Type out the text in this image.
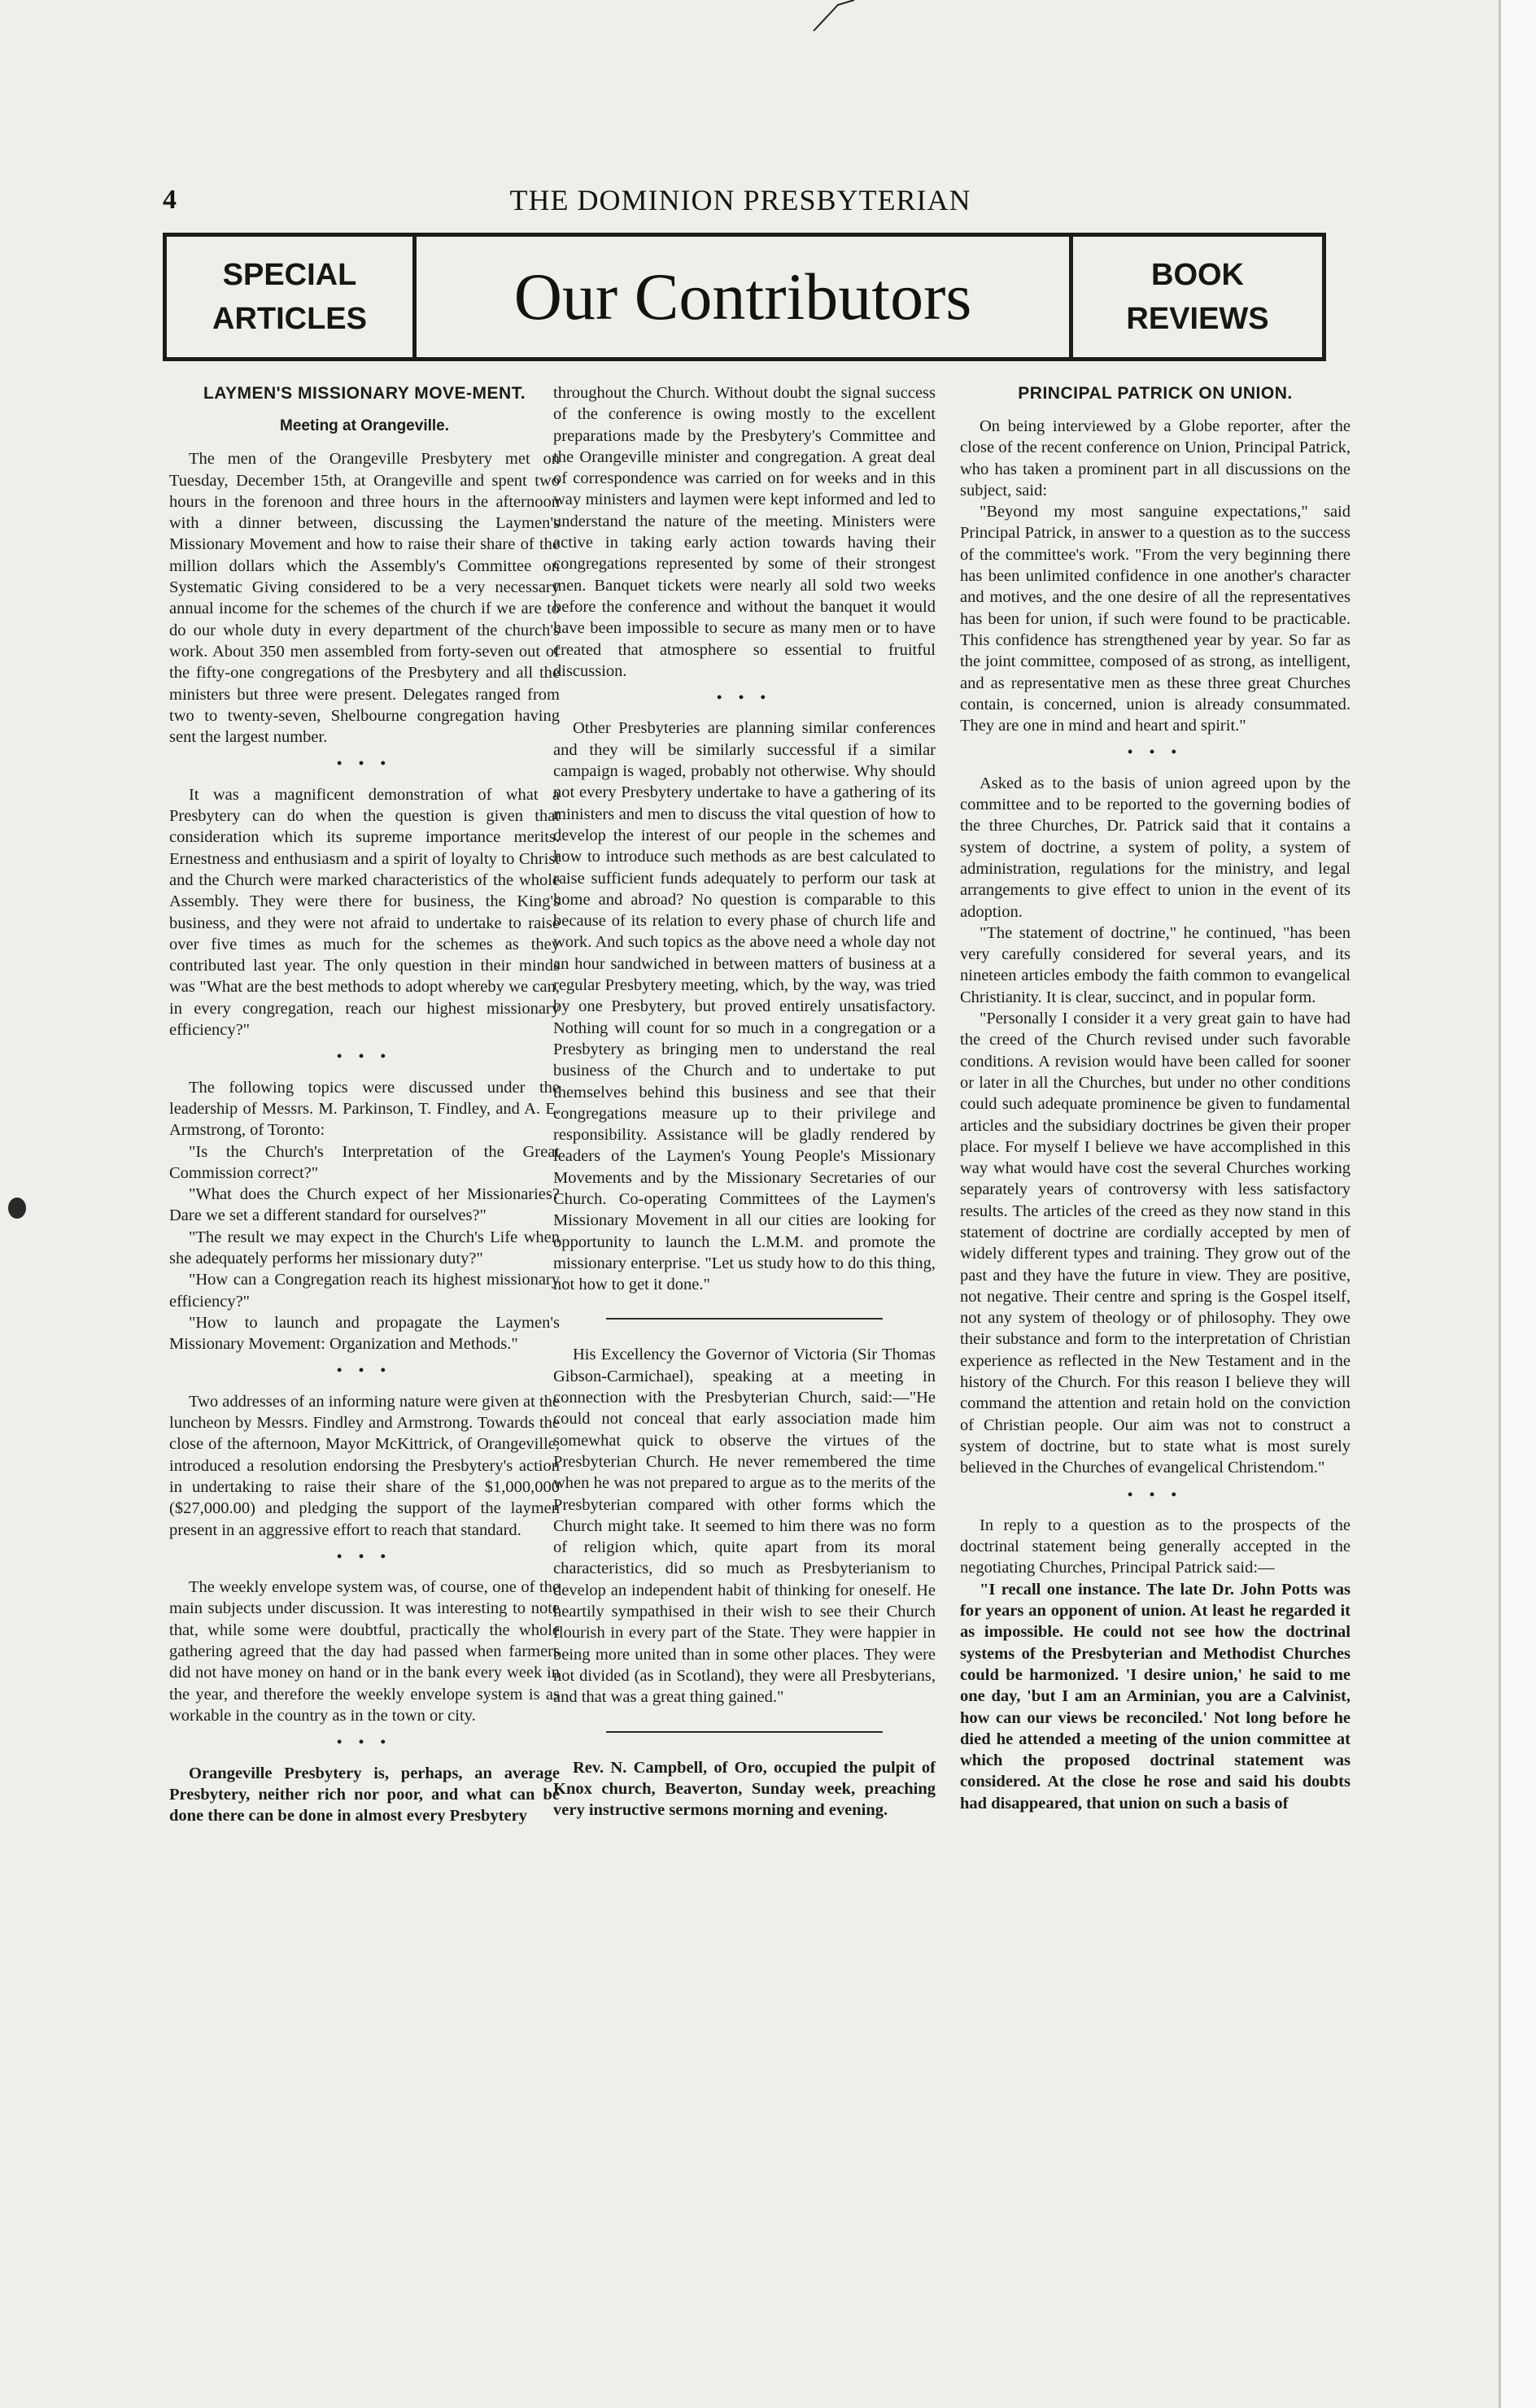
4	THE DOMINION PRESBYTERIAN
SPECIAL
ARTICLES	Our Contributors	BOOK
REVIEWS
LAYMEN'S MISSIONARY MOVE-MENT.
Meeting at Orangeville.

The men of the Orangeville Presbytery met on Tuesday, December 15th, at Orangeville and spent two hours in the forenoon and three hours in the afternoon with a dinner between, discussing the Laymen's Missionary Movement and how to raise their share of the million dollars which the Assembly's Committee on Systematic Giving considered to be a very necessary annual income for the schemes of the church if we are to do our whole duty in every department of the church's work. About 350 men assembled from forty-seven out of the fifty-one congregations of the Presbytery and all the ministers but three were present. Delegates ranged from two to twenty-seven, Shelbourne congregation having sent the largest number.

• • •

It was a magnificent demonstration of what a Presbytery can do when the question is given that consideration which its supreme importance merits. Ernestness and enthusiasm and a spirit of loyalty to Christ and the Church were marked characteristics of the whole Assembly. They were there for business, the King's business, and they were not afraid to undertake to raise over five times as much for the schemes as they contributed last year. The only question in their minds was "What are the best methods to adopt whereby we can, in every congregation, reach our highest missionary efficiency?"

• • •

The following topics were discussed under the leadership of Messrs. M. Parkinson, T. Findley, and A. E. Armstrong, of Toronto:

"Is the Church's Interpretation of the Great Commission correct?"

"What does the Church expect of her Missionaries? Dare we set a different standard for ourselves?"

"The result we may expect in the Church's Life when she adequately performs her missionary duty?"

"How can a Congregation reach its highest missionary efficiency?"

"How to launch and propagate the Laymen's Missionary Movement: Organization and Methods."

• • •

Two addresses of an informing nature were given at the luncheon by Messrs. Findley and Armstrong. Towards the close of the afternoon, Mayor McKittrick, of Orangeville, introduced a resolution endorsing the Presbytery's action in undertaking to raise their share of the $1,000,000 ($27,000.00) and pledging the support of the laymen present in an aggressive effort to reach that standard.

• • •

The weekly envelope system was, of course, one of the main subjects under discussion. It was interesting to note that, while some were doubtful, practically the whole gathering agreed that the day had passed when farmers did not have money on hand or in the bank every week in the year, and therefore the weekly envelope system is as workable in the country as in the town or city.

• • •

Orangeville Presbytery is, perhaps, an average Presbytery, neither rich nor poor, and what can be done there can be done in almost every Presbytery

throughout the Church. Without doubt the signal success of the conference is owing mostly to the excellent preparations made by the Presbytery's Committee and the Orangeville minister and congregation. A great deal of correspondence was carried on for weeks and in this way ministers and laymen were kept informed and led to understand the nature of the meeting. Ministers were active in taking early action towards having their congregations represented by some of their strongest men. Banquet tickets were nearly all sold two weeks before the conference and without the banquet it would have been impossible to secure as many men or to have created that atmosphere so essential to fruitful discussion.

• • •

Other Presbyteries are planning similar conferences and they will be similarly successful if a similar campaign is waged, probably not otherwise. Why should not every Presbytery undertake to have a gathering of its ministers and men to discuss the vital question of how to develop the interest of our people in the schemes and how to introduce such methods as are best calculated to raise sufficient funds adequately to perform our task at home and abroad? No question is comparable to this because of its relation to every phase of church life and work. And such topics as the above need a whole day not an hour sandwiched in between matters of business at a regular Presbytery meeting, which, by the way, was tried by one Presbytery, but proved entirely unsatisfactory. Nothing will count for so much in a congregation or a Presbytery as bringing men to understand the real business of the Church and to undertake to put themselves behind this business and see that their congregations measure up to their privilege and responsibility. Assistance will be gladly rendered by leaders of the Laymen's Young People's Missionary Movements and by the Missionary Secretaries of our Church. Co-operating Committees of the Laymen's Missionary Movement in all our cities are looking for opportunity to launch the L.M.M. and promote the missionary enterprise. "Let us study how to do this thing, not how to get it done."

His Excellency the Governor of Victoria (Sir Thomas Gibson-Carmichael), speaking at a meeting in connection with the Presbyterian Church, said:—"He could not conceal that early association made him somewhat quick to observe the virtues of the Presbyterian Church. He never remembered the time when he was not prepared to argue as to the merits of the Presbyterian compared with other forms which the Church might take. It seemed to him there was no form of religion which, quite apart from its moral characteristics, did so much as Presbyterianism to develop an independent habit of thinking for oneself. He heartily sympathised in their wish to see their Church flourish in every part of the State. They were happier in being more united than in some other places. They were not divided (as in Scotland), they were all Presbyterians, and that was a great thing gained."

Rev. N. Campbell, of Oro, occupied the pulpit of Knox church, Beaverton, Sunday week, preaching very instructive sermons morning and evening.

PRINCIPAL PATRICK ON UNION.

On being interviewed by a Globe reporter, after the close of the recent conference on Union, Principal Patrick, who has taken a prominent part in all discussions on the subject, said:

"Beyond my most sanguine expectations," said Principal Patrick, in answer to a question as to the success of the committee's work. "From the very beginning there has been unlimited confidence in one another's character and motives, and the one desire of all the representatives has been for union, if such were found to be practicable. This confidence has strengthened year by year. So far as the joint committee, composed of as strong, as intelligent, and as representative men as these three great Churches contain, is concerned, union is already consummated. They are one in mind and heart and spirit."

• • •

Asked as to the basis of union agreed upon by the committee and to be reported to the governing bodies of the three Churches, Dr. Patrick said that it contains a system of doctrine, a system of polity, a system of administration, regulations for the ministry, and legal arrangements to give effect to union in the event of its adoption.

"The statement of doctrine," he continued, "has been very carefully considered for several years, and its nineteen articles embody the faith common to evangelical Christianity. It is clear, succinct, and in popular form.

"Personally I consider it a very great gain to have had the creed of the Church revised under such favorable conditions. A revision would have been called for sooner or later in all the Churches, but under no other conditions could such adequate prominence be given to fundamental articles and the subsidiary doctrines be given their proper place. For myself I believe we have accomplished in this way what would have cost the several Churches working separately years of controversy with less satisfactory results. The articles of the creed as they now stand in this statement of doctrine are cordially accepted by men of widely different types and training. They grow out of the past and they have the future in view. They are positive, not negative. Their centre and spring is the Gospel itself, not any system of theology or of philosophy. They owe their substance and form to the interpretation of Christian experience as reflected in the New Testament and in the history of the Church. For this reason I believe they will command the attention and retain hold on the conviction of Christian people. Our aim was not to construct a system of doctrine, but to state what is most surely believed in the Churches of evangelical Christendom."

• • •

In reply to a question as to the prospects of the doctrinal statement being generally accepted in the negotiating Churches, Principal Patrick said:—

"I recall one instance. The late Dr. John Potts was for years an opponent of union. At least he regarded it as impossible. He could not see how the doctrinal systems of the Presbyterian and Methodist Churches could be harmonized. 'I desire union,' he said to me one day, 'but I am an Arminian, you are a Calvinist, how can our views be reconciled.' Not long before he died he attended a meeting of the union committee at which the proposed doctrinal statement was considered. At the close he rose and said his doubts had disappeared, that union on such a basis of
